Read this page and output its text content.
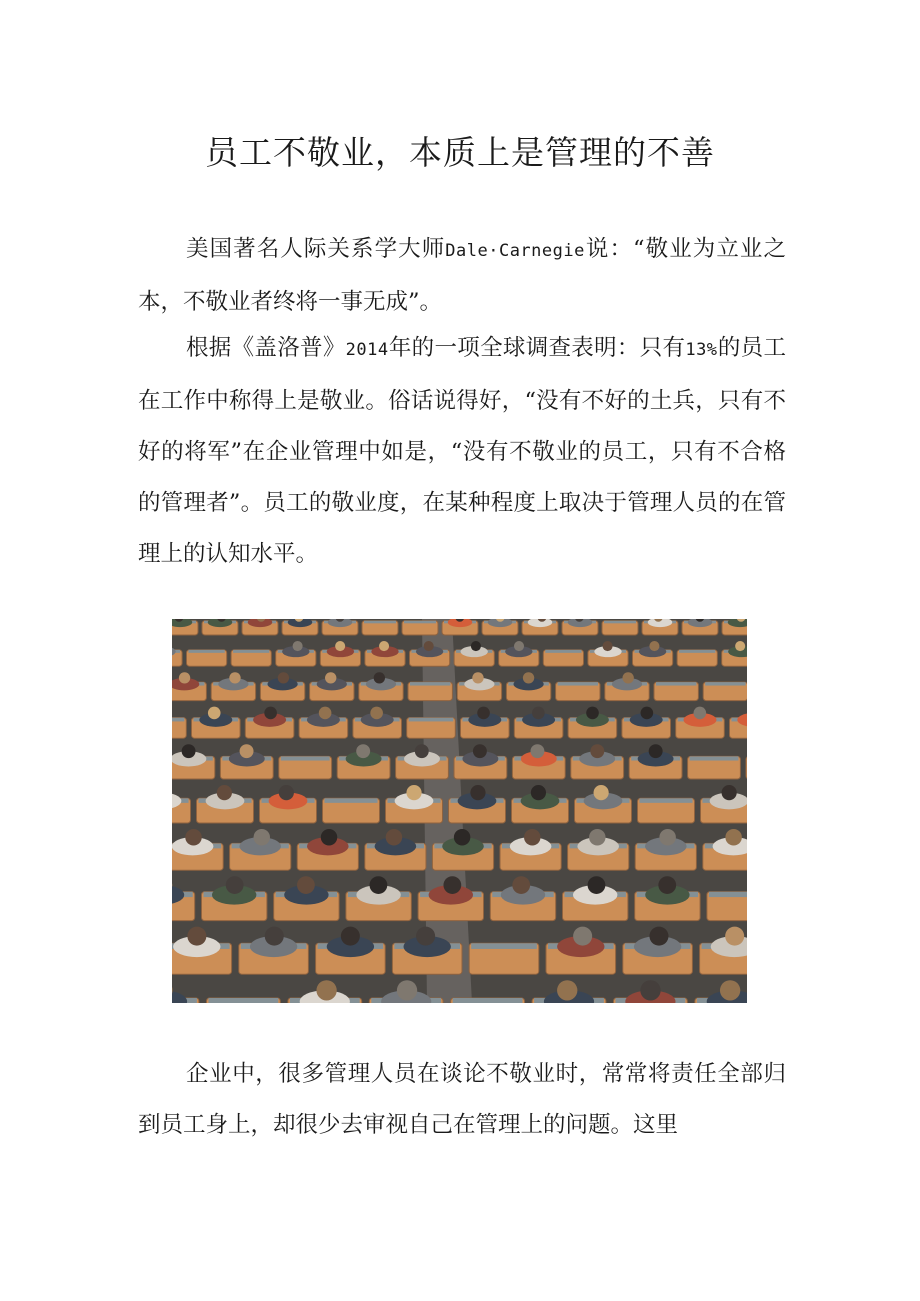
员工不敬业，本质上是管理的不善

美国著名人际关系学大师Dale·Carnegie说：“敬业为立业之本，不敬业者终将一事无成”。

根据《盖洛普》2014年的一项全球调查表明：只有13%的员工在工作中称得上是敬业。俗话说得好，“没有不好的土兵，只有不好的将军”在企业管理中如是，“没有不敬业的员工，只有不合格的管理者”。员工的敬业度，在某种程度上取决于管理人员的在管理上的认知水平。

企业中，很多管理人员在谈论不敬业时，常常将责任全部归到员工身上，却很少去审视自己在管理上的问题。这里
